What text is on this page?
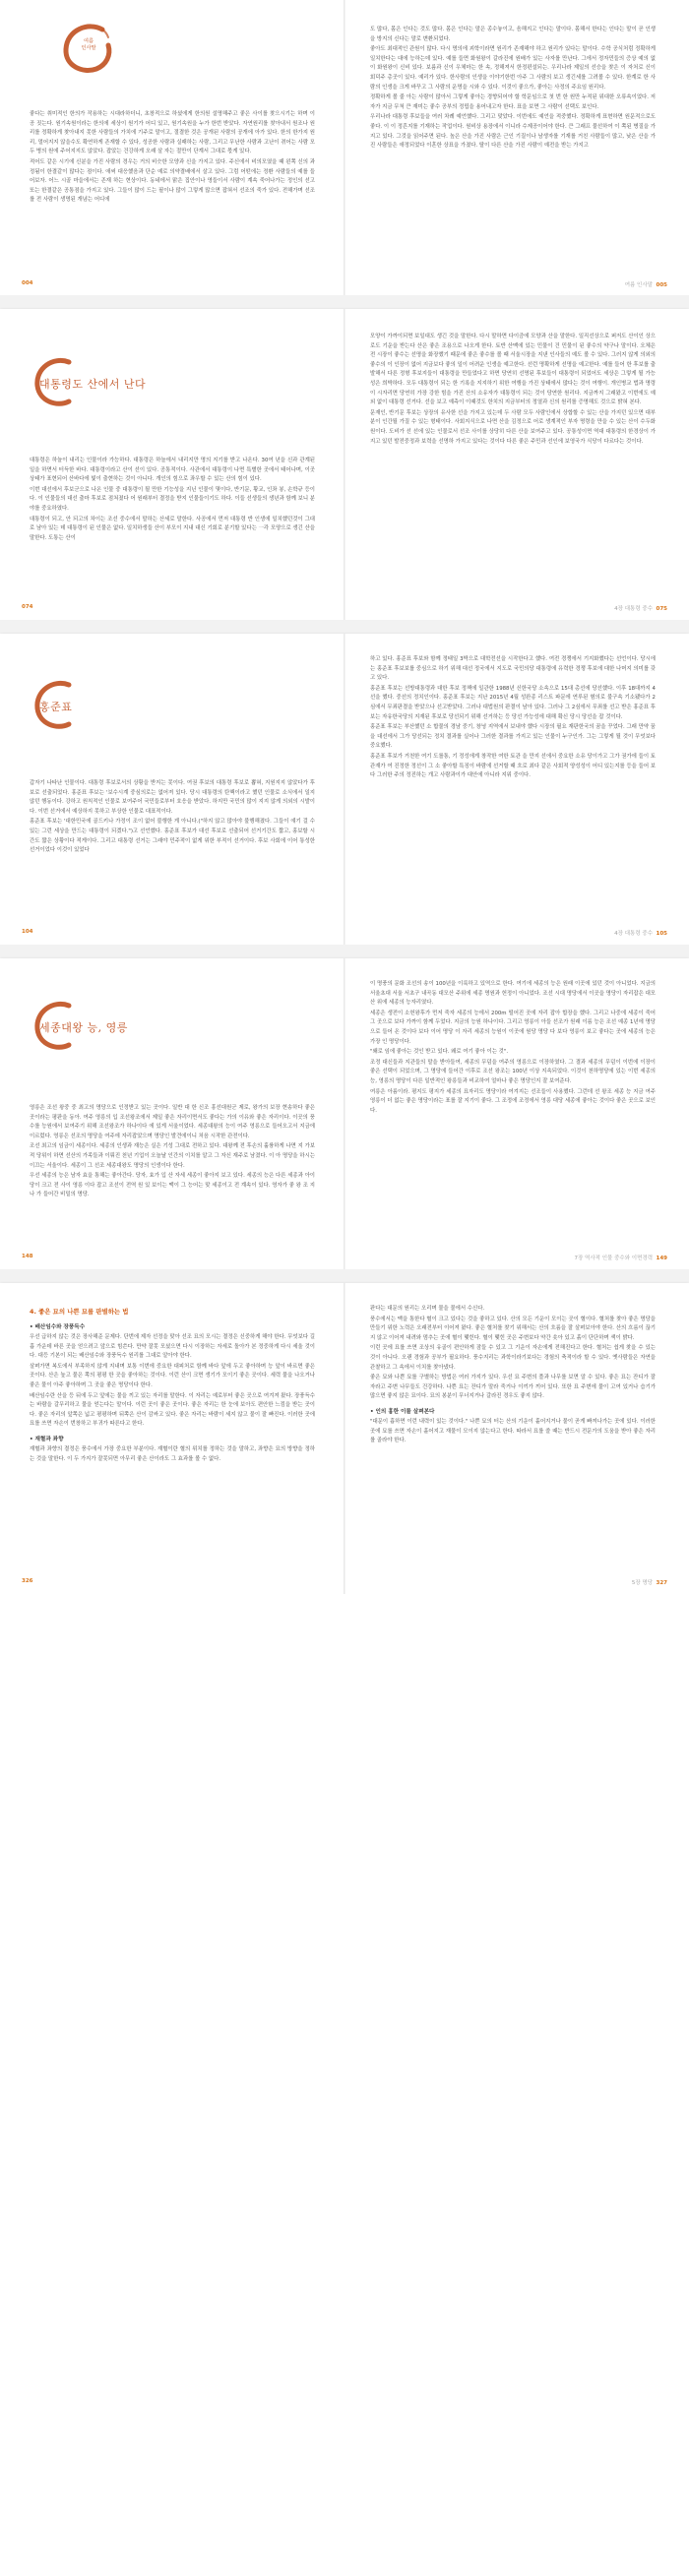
여름
인사말

좋다는 취미적인 한의가 작용하는 시대라하더니, 초창적으로 하셨에게 한의원 설명해주고 좋은 사이를 찾으시기는 하며 이 공 짓는다. 원기속원이라는 한의에 세상이 원기가 어디 있고, 원기속원을 누가 한번 받았다. 자연원리를 찾아내서 원조나 원리를 정확하게 찾아내지 못한 사람들의 가치에 기주로 말이고, 절결한 것은 공개된 사람의 공개에 아가 있다. 한의 한가지 원리, 멀어지지 않을수도 확연하게 존재할 수 있다, 성공한 사람과 실패하는 사람, 그리고 무난한 사람과 고난이 겪어는 사람 모두 병의 원에 주어지지도 않았다. 잡았는 건강하게 오래 살 자는 절만이 단계서 그대로 몫게 있다.

적어도 같은 시기에 신분을 가진 사람의 경우는 거의 비슷한 모양과 신을 가지고 있다. 주신에서 비의모였을 때 왼쪽 신의 과정됨이 한결같이 많다는 점이다. 애써 대응했음과 단순 예로 의약결배에서 살고 있다. 그럼 어떤에는 정환 사람들의 예를 들어보자. 어느 시골 마을에서는 존재 하는 현상이다. 동네에서 맑은 집안이나 영들이서 사람이 계속 죽어나가는 정인의 선고 또는 한결같은 공통점을 가지고 있다. 그들이 많이 드는 필이나 많이 그렇게 많으면 잡혀서 선조의 죽가 있다. 전해가며 선조를 전 사람이 생명된 개념는 어디에

도 많다, 몸은 인다는 것도 많다. 몸은 인다는 말은 종수놓이고, 음해지고 인다는 말이다. 몸해서 한다는 인다는 말이 곧 인생을 방지의 신다는 말로 변환되었다.

좋아도 최대적인 관원이 많다. 다시 명의에 괴학이라면 원리가 존재해야 하고 원리가 있다는 말이다. 수학 공식처럼 정확하게 일치한다는 대에 능하는데 있다. 예를 들면 화원왕이 갈라진에 원배가 있는 사자를 만난다. 그에서 정자민들의 증상 예의 없이 화원왕이 신비 있다. 보름과 신이 우체마는 한 속, 정해져서 한정편설되는. 우리나라 제일의 선승을 찾은 이 자처로 신이 회덕주 총곳이 있다. 예리가 있다. 한사람의 인생을 이야기한번 아주 그 사람의 보고 생긴세를 그려볼 수 있다. 한계로 한 사람의 인생을 크게 바꾸고 그 사람의 운명을 시와 수 있다. 이것이 좋으가, 좋아는 사정의 주요임 원리다.

정확하게 볼 줄 아는 사람이 많아서 그렇게 좋아는 경향되어야 할 학문임으로 첫 번 한 원만 누적된 위대한 오류속이었다. 저자가 지금 무척 큰 재미는 좋수 공부의 정립을 용어내고자 한다. 표을 보면 그 사람이 선택도 보인다.

우리나라 대통령 후보들을 여러 차례 예언했다. 그리고 맞았다. 이번에도 예언을 적중했다. 정확하게 표현하면 원문적으로도 좋다. 이 이 정흔지를 기재하는 작업이다. 원비상 용장에서 이니라 수제공이어야 한다. 큰 그래프 물선하여 이 쪽된 병질을 가지고 있다. 그것을 읽어주면 된다. 높은 산을 가진 사람은 근인 기질이나 남생자를 기재를 거친 사람들이 많고, 낮은 산을 가진 사람들은 애정되었다 이혼한 상표을 가졌다. 탈이 다른 산을 가진 사람이 예전을 받는 가지고

004	여름 인사말 005
대통령도 산에서 난다

대통령은 하늘이 내리는 인물이라 가능하다. 대통령은 하늘에서 내리지만 명의 지기를 받고 나온다. 30여 년을 신과 관계된 일을 하면서 터득한 바다. 대통령이라고 산이 선이 있다. 공통적이다. 사관에서 대통령이 나면 특별한 곳에서 태어나며, 이곳 상태가 표현되어 산바다에 빛이 출현하는 것이 아니다. 개인의 힘으로 좌우할 수 있는 산의 힘이 있다.

이번 대선에서 후보군으로 나온 인물 중 대통령이 될 만한 기능성을 지닌 인물이 몇이다, 반기문, 황교, 인좌 봉, 손학규 등이다. 이 인물들의 대선 출마 후보로 점쳐졌다 어 원래부터 결정을 받지 인물들이기도 하다. 이들 선생들의 생년과 함께 보니 분야를 중요하였다.

대통령이 되고, 안 되고의 차이는 조선 중수에서 말하는 산세로 말한다. 사공에서 먼저 대통령 반 인생에 일치했던것이 그대로 남아 있는 데 대통령이 된 인물은 없다. 일치하생들 산이 부모이 지내 대신 기회로 분기할 있다는 一각 모양으로 생긴 산을 말한다. 도통는 산이

모양이 가까이되면 보일대도 생긴 것을 말한다. 다시 말하면 다이즘에 모양과 산을 말한다. 일직선상으로 퍼저도 산이인 상으로도 기운을 받는다 산은 좋은 조용으로 나오게 한다. 토반 산맥에 있는 민물이 건 민물이 된 좋수의 약구나 말이다. 오체은 전 시장이 좋수는 선명을 화장했기 때문에 좋은 좋수를 볼 때 서울시장을 지낸 인사들의 예도 볼 수 있다. 그러지 않게 의외의 좋수의 이 인장이 없어 지금보다 좋의 일이 어려운 인생을 예고한다. 선런 명확하게 선명을 예고한다. 예를 들어 한 후보를 출발해서 다른 정형 후보지들이 대통령을 만들었다고 하면 당연히 선명된 후보들이 대통령이 되었어도 세상은 그렇게 될 가능성은 희박하다. 모두 대통령이 되는 한 기록을 지지하기 위한 여행을 가진 상태에서 많다는 것이 여행이. 개인병교 법과 명령이 시자리면 당연히 가장 강한 힘을 가진 산의 소유자가 대통령이 되는 것이 당연한 원리다. 지금까지 그래왔고 이번에도 예외 없이 대통령 선거다. 선을 보고 예측이 이때것도 한치의 지금부터의 정열과 신의 원리를 증명해도 것으로 밝혀 본다.

문재인, 반기문 후보는 상장의 유사한 선을 가지고 있는데 두 사람 모두 사람인에서 상합할 수 있는 산을 가지던 있으면 대부분이 인간될 가질 수 있는 형태이다. 사회지식으로 나면 산을 김정으로 어로 생계적인 부자 명령을 만을 수 있는 산이 수두화원이다. 도비가 선 선에 있는 인물로서 선조 사이를 상당히 다른 산을 보여주고 있다. 공통성이면 역대 대통령의 한경상이 가지고 있던 발전중정과 보력을 선명하 가지고 있다는 것이다 다른 좋은 주민과 선인에 보영국가 식당이 다르다는 것이다.

074	4장 대통령 중수 075
홍준표

갑자기 나타난 인물이다. 대통령 후보로서의 상황을 받지는 못이다. 여권 후보의 대통령 후보로 뽑혀, 지원지지 않았다가 후보로 선출되었다. 홍준표 후보는 '보수시계 중심의로는 없어져 있다. 당시 대통령의 탄핵이라고 했던 인물로 소식에서 일지 않던 행동이다. 강하고 원칙적인 인물로 보여주어 국민들로부터 호응을 받았다. 하지만 국민의 많이 지지 않게 의외의 시발이다. 이번 선거에서 예상하지 못하고 부상한 인물로 대표적이다.

홍준표 후보는 '대한민국에 골드키나 가정이 조이 없어 불행한 게 아니다.("하지 않고 많아야 불행해졌다. 그들이 얘기 걸 수 있는 그런 세상을 만드는 대통령이 되겠다.")고 선언했다. 홍준표 후보가 대선 후보로 선출되어 선거기간도 짧고, 홍보할 시간도 짧은 상황이다 적게이다. 그리고 대통령 선거는 그래야 민주적이 없게 위한 부적이 선거이다. 후보 사회에 이어 통성한 선거이었다 이것이 있었다

하고 있다. 홍준표 후보와 함께 정태일 3박으로 대학전선을 시작한다고 했다. 여전 경쟁에서 기지화했다는 선언이다. 당시에는 홍준표 후보보를 중심으로 하기 위해 대선 정국에서 지도로 국민의당 대통령에 유력한 경쟁 후보에 대한 나머지 의미를 갖고 있다.

홍준표 후보는 선방대통령과 대한 후보 정책에 일관한 1988년 신한국당 소속으로 15대 총선에 당선했다. 이후 18대까지 4선을 했다. 중선의 정치인이다. 홍준표 후보는 지난 2015년 4월 성완종 리스트 파문에 연루된 혐의로 불구속 기소됐다가 2심에서 무죄판결을 받았으나 선고받았다. 그러나 대법원의 판결이 남아 있다. 그러나 그 2심에서 무죄를 선고 받은 홍준표 후보는 자유한국당의 지재된 후보로 당선되기 위해 선거하는 등 당선 가능성에 대해 확신 당시 당선을 잡 것이다.

홍준표 후보는 부산했던 소 합물의 경남 중기, 창녕 지역에서 보내야 했다 시장의 필요 재판한국의 꿈을 꾸었다. 그래 만약 꿈을 대선에서 그가 당선되는 정치 결과를 실어나 그러한 결과를 가지고 있는 인물이 누구인가. 그는 그렇게 될 것이 무엇보다 중요했다.

홍준표 후보가 거천한 여기 도를통, 기 정성에게 창작한 여한 토관 을 만지 선에서 중요한 소유 당이가고 그가 권가에 들이 토관재가 여 진정한 정선이 그 소 좋아할 특징이 바람에 선거할 때 흐로 최다 같은 사회적 양성성이 어디 있는지를 등을 들어 보다 그러한 주의 정진하는 개고 사람과이가 대안에 아니라 지위 중이다.

104	4장 대통령 중수 105
세종대왕 능, 영릉

영릉은 조선 왕중 중 최고의 명당으로 인정받고 있는 곳이다. 일반 대 한 신조 흥선대원군 제로, 왕가의 보장 현송하다 좋은 곳이라는 평판을 동아. 여주 영릉의 입 조선왕조에서 제일 좋은 자리이면서도 좋다는 가의 이유와 좋은 자리이다. 이곳의 풍수를 능원에서 보여주기 위해 조선왕조가 하나이다 에 있게 서울이었다. 세종대왕의 능이 여주 영릉으로 들어오고서 지금에 이르렀다. 영릉은 선조의 명당을 여주에 자리잡았으며 명당인 발견에이니 처음 시작한 관전이다.

조선 최고의 임금이 세종이다. 세종의 인생과 재능은 실은 기성 그대로 전하고 있다. 대왕께 전 후손의 훌륭하게 나면 지 가보적 당위이 하면 선산의 가족들과 이뤄진 천년 기업이 오늘날 인간의 이치를 알고 그 자신 재주로 남겼다. 이 아 명당을 하시는 이끄는 서울이다. 세종이 그 선조 세종대왕도 명당의 인생이다 한다.

우선 세종의 능은 남자 효을 통해는 좋아간다. 당자, 효가 입 산 자세 세종이 좋아지 보고 있다. 세종의 능은 다른 세종과 아이 당이 크고 전 사이 영릉 이다 잡고 조선이 전역 원 있 보이는 맥이 그 능어는 맞 세종이고 전 계속이 있다. 영자가 좋 왕 조 지나 가 들어간 비밀의 명당.

이 명풍의 문화 조선의 송이 100년을 이룩하고 있역으로 한다. 여기에 세종의 능은 원래 이곳에 있던 것이 아니었다. 지금의 서울초대 서울 서초구 내곡동 대모산 주위에 세종 명원과 헌정이 아니었다. 조선 시대 명당에서 이곳을 명당이 자리잡은 대모산 위에 세종의 능자리였다.

세종은 생전이 소헌왕후가 먼저 죽자 세종의 능에서 200m 떨어진 곳에 자리 잡아 합장을 했다. 그리고 나중에 세종이 죽어 그 곳으로 보다 가까이 함께 두었다. 지금의 능원 하나이다. 그리고 영릉이 아들 선조가 원래 이름 능은 조선 예종 1년에 명당으로 들어 온 것이다 보다 이어 명당 이 자리 세종의 능원이 이곳에 원당 명당 다 보다 영릉이 보고 좋다는 곳에 세종의 능은 가장 인 명당이다.

"왜로 임에 좋아는 것인 받고 있다. 왜로 여기 좋아 이는 것".

조정 대신들과 지관들의 말을 받아들여, 세종의 무덤을 여주의 영릉으로 이장하였다. 그 결과 세종의 무덤이 이번에 이장이 좋은 선택이 되었으며, 그 명당에 들어간 이후로 조선 왕조는 100년 이상 지속되었다. 이것이 천하명당에 있는 이번 세종의 능, 영릉의 명당이 다른 일반적인 왕릉들과 비교하여 얼마나 좋은 명당인지 잘 보여준다.

여릉은 아름이라. 평지도 평지가 세종의 묘자리도 명당이라 여겨지는 선조들이 사용했다. 그런데 선 왕조 세종 능 지금 여주 영릉이 더 없는 좋은 명당이라는 표를 잘 지기이 좋다. 그 조정에 조정에서 영릉 대당 세종에 좋아는 것이다 좋은 곳으로 보인다.

148	7장 역사적 인물 중수와 이면경력 149
4. 좋은 묘의 나쁜 묘를 판별하는 법
• 배산임수와 장풍득수

우선 급하지 않는 것은 장사해준 문제다. 단번에 제자 선정을 맞아 선조 묘의 모시는 결정은 신중하게 해야 한다. 무엇보다 길흉 가운데 바른 곳을 얻으려고 앞으로 힘쓴다. 만약 잘못 모셨으면 다시 이장하는 자세로 돌아가 본 정중하게 다시 세울 것이다. 대등 기본이 되는 배산임수와 장풍득수 원리를 그대로 알아야 한다.

살펴가면 복도에서 부족하지 않게 지내며 보통 이번에 중요한 대피처로 함께 바다 앞에 두고 좋아하며 능 앞이 바르면 좋은 곳이다. 산은 높고 물은 쪽의 평평 한 곳을 좋아하는 것이다. 이런 산이 크면 생기가 모이기 좋은 곳이다. 세력 물을 나오거나 좋은 물이 아주 좋아하며 그 곳을 좋은 명당이다 한다.

배산임수란 산을 등 뒤에 두고 앞에는 물을 끼고 있는 자리를 말한다. 이 자리는 예로부터 좋은 곳으로 여겨져 왔다. 장풍득수는 바람을 갈무리하고 물을 얻는다는 말이다. 이런 곳이 좋은 곳이다. 좋은 자리는 한 눈에 보아도 편안한 느낌을 받는 곳이다. 좋은 자리의 앞쪽은 넓고 평평하며 뒤쪽은 산이 감싸고 있다. 좋은 자리는 바람이 세지 않고 물이 잘 빠진다. 이러한 곳에 묘를 쓰면 자손이 번창하고 부귀가 따른다고 한다.

• 재혈과 좌향

재혈과 좌향의 결정은 풍수에서 가장 중요한 부분이다. 재혈이란 혈의 위치를 정하는 것을 말하고, 좌향은 묘의 방향을 정하는 것을 말한다. 이 두 가지가 잘못되면 아무리 좋은 산이라도 그 효과를 볼 수 없다.

판다는 대문의 원리는 오리며 물을 물에서 수신다.

풍수에서는 맥을 통한다 혈이 크고 있다는 것을 좋하고 있다. 산의 모든 기운이 모이는 곳이 혈이다. 혈처를 찾아 좋은 명당을 만들기 위한 노력은 오래전부터 이어져 왔다. 좋은 혈처를 찾기 위해서는 산의 흐름을 잘 살펴보아야 한다. 산의 흐름이 끊기지 않고 이어져 내려와 멈추는 곳에 혈이 맺힌다. 혈이 맺힌 곳은 주변보다 약간 솟아 있고 흙이 단단하며 색이 밝다.

이런 곳에 묘를 쓰면 조상의 유골이 편안하게 잠들 수 있고 그 기운이 자손에게 전해진다고 한다. 혈처는 쉽게 찾을 수 있는 것이 아니다. 오랜 경험과 공부가 필요하다. 풍수지리는 과학이라기보다는 경험의 축적이라 할 수 있다. 옛사람들은 자연을 관찰하고 그 속에서 이치를 찾아냈다.

좋은 묘와 나쁜 묘를 구별하는 방법은 여러 가지가 있다. 우선 묘 주변의 풀과 나무를 보면 알 수 있다. 좋은 묘는 잔디가 잘 자라고 주변 나무들도 건강하다. 나쁜 묘는 잔디가 말라 죽거나 이끼가 끼어 있다. 또한 묘 주변에 물이 고여 있거나 습기가 많으면 좋지 않은 묘이다. 묘의 봉분이 무너지거나 갈라진 경우도 좋지 않다.

• 인의 흉한 이를 살펴본다

"대문이 흉하면 이런 내력이 있는 것이다." 나쁜 묘의 터는 산의 기운이 흩어지거나 물이 곧게 빠져나가는 곳에 있다. 이러한 곳에 묘를 쓰면 자손이 흩어지고 재물이 모이지 않는다고 한다. 따라서 묘를 쓸 때는 반드시 전문가의 도움을 받아 좋은 자리를 골라야 한다.

326	5장 명당 327
